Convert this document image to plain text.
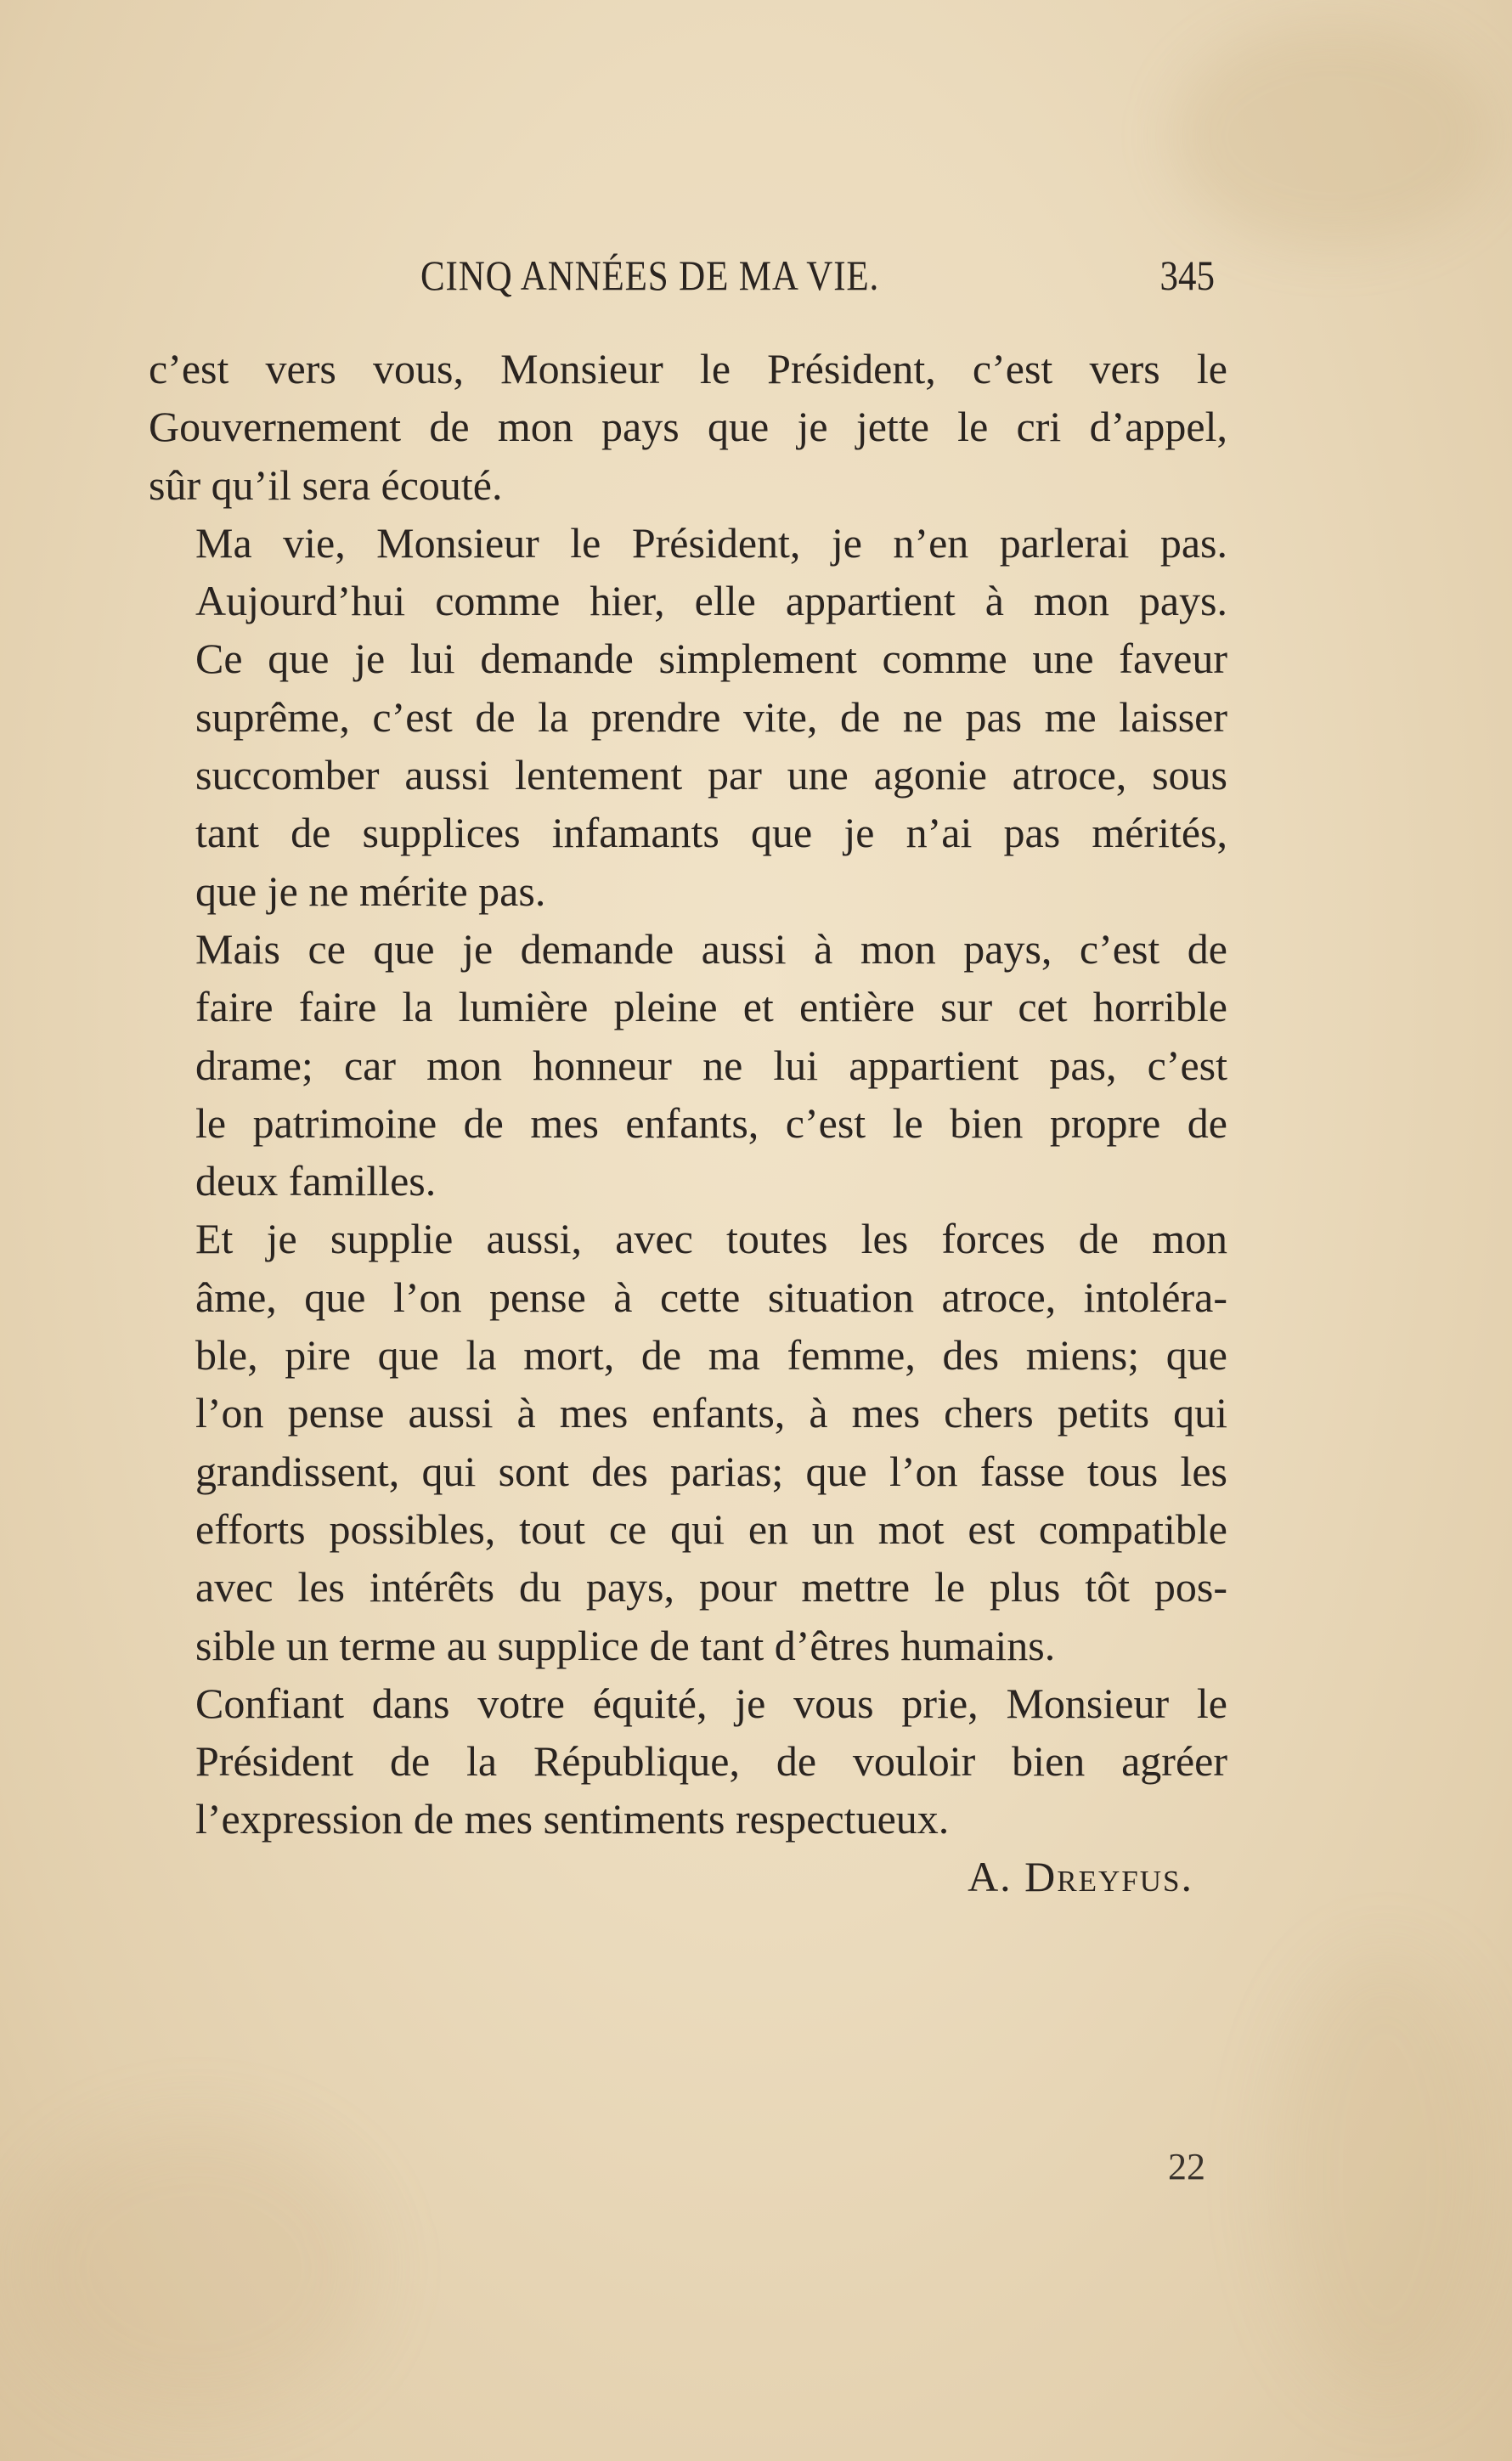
CINQ ANNÉES DE MA VIE.	345
c’est vers vous, Monsieur le Président, c’est vers le
Gouvernement de mon pays que je jette le cri d’appel,
sûr qu’il sera écouté.
Ma vie, Monsieur le Président, je n’en parlerai pas.
Aujourd’hui comme hier, elle appartient à mon pays.
Ce que je lui demande simplement comme une faveur
suprême, c’est de la prendre vite, de ne pas me laisser
succomber aussi lentement par une agonie atroce, sous
tant de supplices infamants que je n’ai pas mérités,
que je ne mérite pas.
Mais ce que je demande aussi à mon pays, c’est de
faire faire la lumière pleine et entière sur cet horrible
drame; car mon honneur ne lui appartient pas, c’est
le patrimoine de mes enfants, c’est le bien propre de
deux familles.
Et je supplie aussi, avec toutes les forces de mon
âme, que l’on pense à cette situation atroce, intoléra-
ble, pire que la mort, de ma femme, des miens; que
l’on pense aussi à mes enfants, à mes chers petits qui
grandissent, qui sont des parias; que l’on fasse tous les
efforts possibles, tout ce qui en un mot est compatible
avec les intérêts du pays, pour mettre le plus tôt pos-
sible un terme au supplice de tant d’êtres humains.
Confiant dans votre équité, je vous prie, Monsieur le
Président de la République, de vouloir bien agréer
l’expression de mes sentiments respectueux.
A. Dreyfus.
22
